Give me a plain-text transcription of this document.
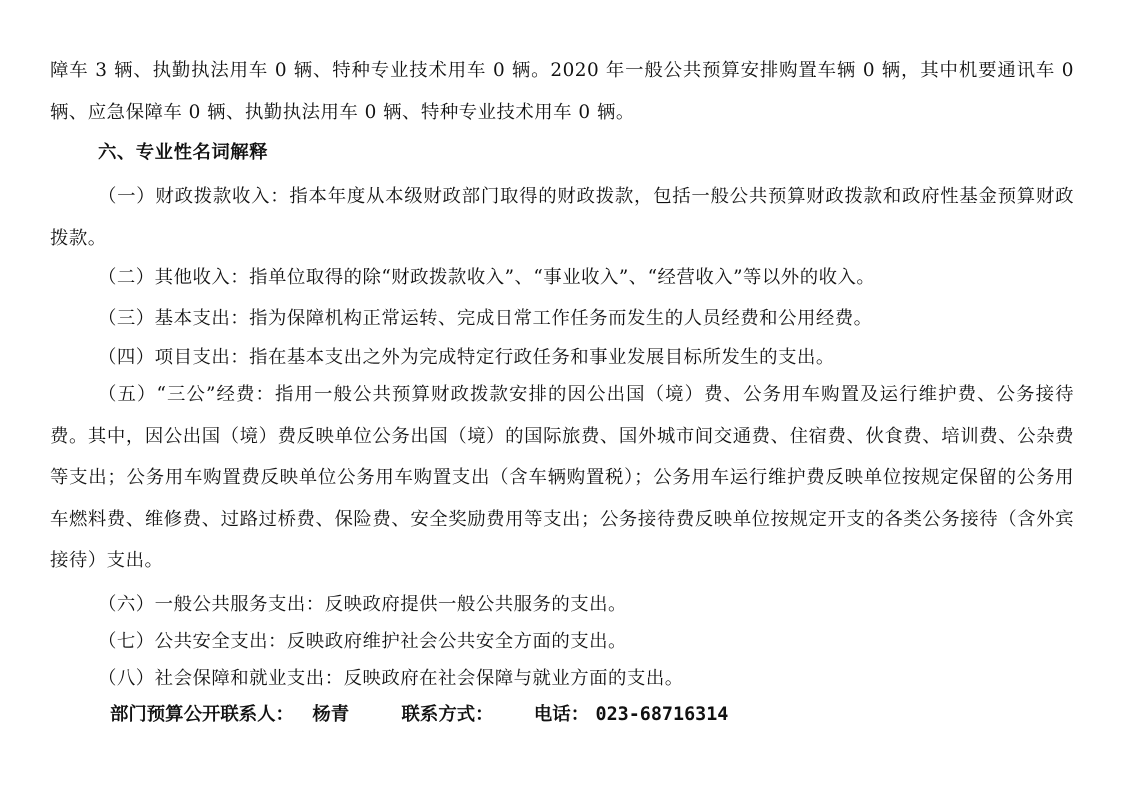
障车 3 辆、执勤执法用车 0 辆、特种专业技术用车 0 辆。2020 年一般公共预算安排购置车辆 0 辆，其中机要通讯车 0 辆、应急保障车 0 辆、执勤执法用车 0 辆、特种专业技术用车 0 辆。

六、专业性名词解释

（一）财政拨款收入：指本年度从本级财政部门取得的财政拨款，包括一般公共预算财政拨款和政府性基金预算财政拨款。

（二）其他收入：指单位取得的除“财政拨款收入”、“事业收入”、“经营收入”等以外的收入。

（三）基本支出：指为保障机构正常运转、完成日常工作任务而发生的人员经费和公用经费。

（四）项目支出：指在基本支出之外为完成特定行政任务和事业发展目标所发生的支出。

（五）“三公”经费：指用一般公共预算财政拨款安排的因公出国（境）费、公务用车购置及运行维护费、公务接待费。其中，因公出国（境）费反映单位公务出国（境）的国际旅费、国外城市间交通费、住宿费、伙食费、培训费、公杂费等支出；公务用车购置费反映单位公务用车购置支出（含车辆购置税）；公务用车运行维护费反映单位按规定保留的公务用车燃料费、维修费、过路过桥费、保险费、安全奖励费用等支出；公务接待费反映单位按规定开支的各类公务接待（含外宾接待）支出。

（六）一般公共服务支出：反映政府提供一般公共服务的支出。

（七）公共安全支出：反映政府维护社会公共安全方面的支出。

（八）社会保障和就业支出：反映政府在社会保障与就业方面的支出。

部门预算公开联系人： 杨青	联系方式： 电话： 023-68716314
